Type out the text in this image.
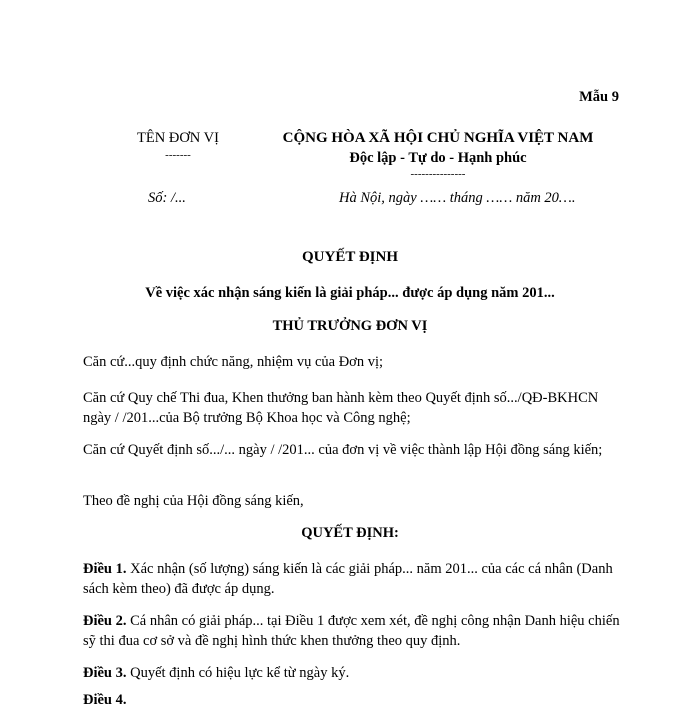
Mẫu 9
TÊN ĐƠN VỊ
-------
CỘNG HÒA XÃ HỘI CHỦ NGHĨA VIỆT NAM
Độc lập - Tự do - Hạnh phúc
---------------
Số: /...	Hà Nội, ngày …… tháng …… năm 20….
QUYẾT ĐỊNH
Về việc xác nhận sáng kiến là giải pháp... được áp dụng năm 201...
THỦ TRƯỞNG ĐƠN VỊ
Căn cứ...quy định chức năng, nhiệm vụ của Đơn vị;
Căn cứ Quy chế Thi đua, Khen thưởng ban hành kèm theo Quyết định số.../QĐ-BKHCN ngày / /201...của Bộ trưởng Bộ Khoa học và Công nghệ;
Căn cứ Quyết định số.../... ngày / /201... của đơn vị về việc thành lập Hội đồng sáng kiến;
Theo đề nghị của Hội đồng sáng kiến,
QUYẾT ĐỊNH:
Điều 1. Xác nhận (số lượng) sáng kiến là các giải pháp... năm 201... của các cá nhân (Danh sách kèm theo) đã được áp dụng.
Điều 2. Cá nhân có giải pháp... tại Điều 1 được xem xét, đề nghị công nhận Danh hiệu chiến sỹ thi đua cơ sở và đề nghị hình thức khen thưởng theo quy định.
Điều 3. Quyết định có hiệu lực kể từ ngày ký.
Điều 4.
